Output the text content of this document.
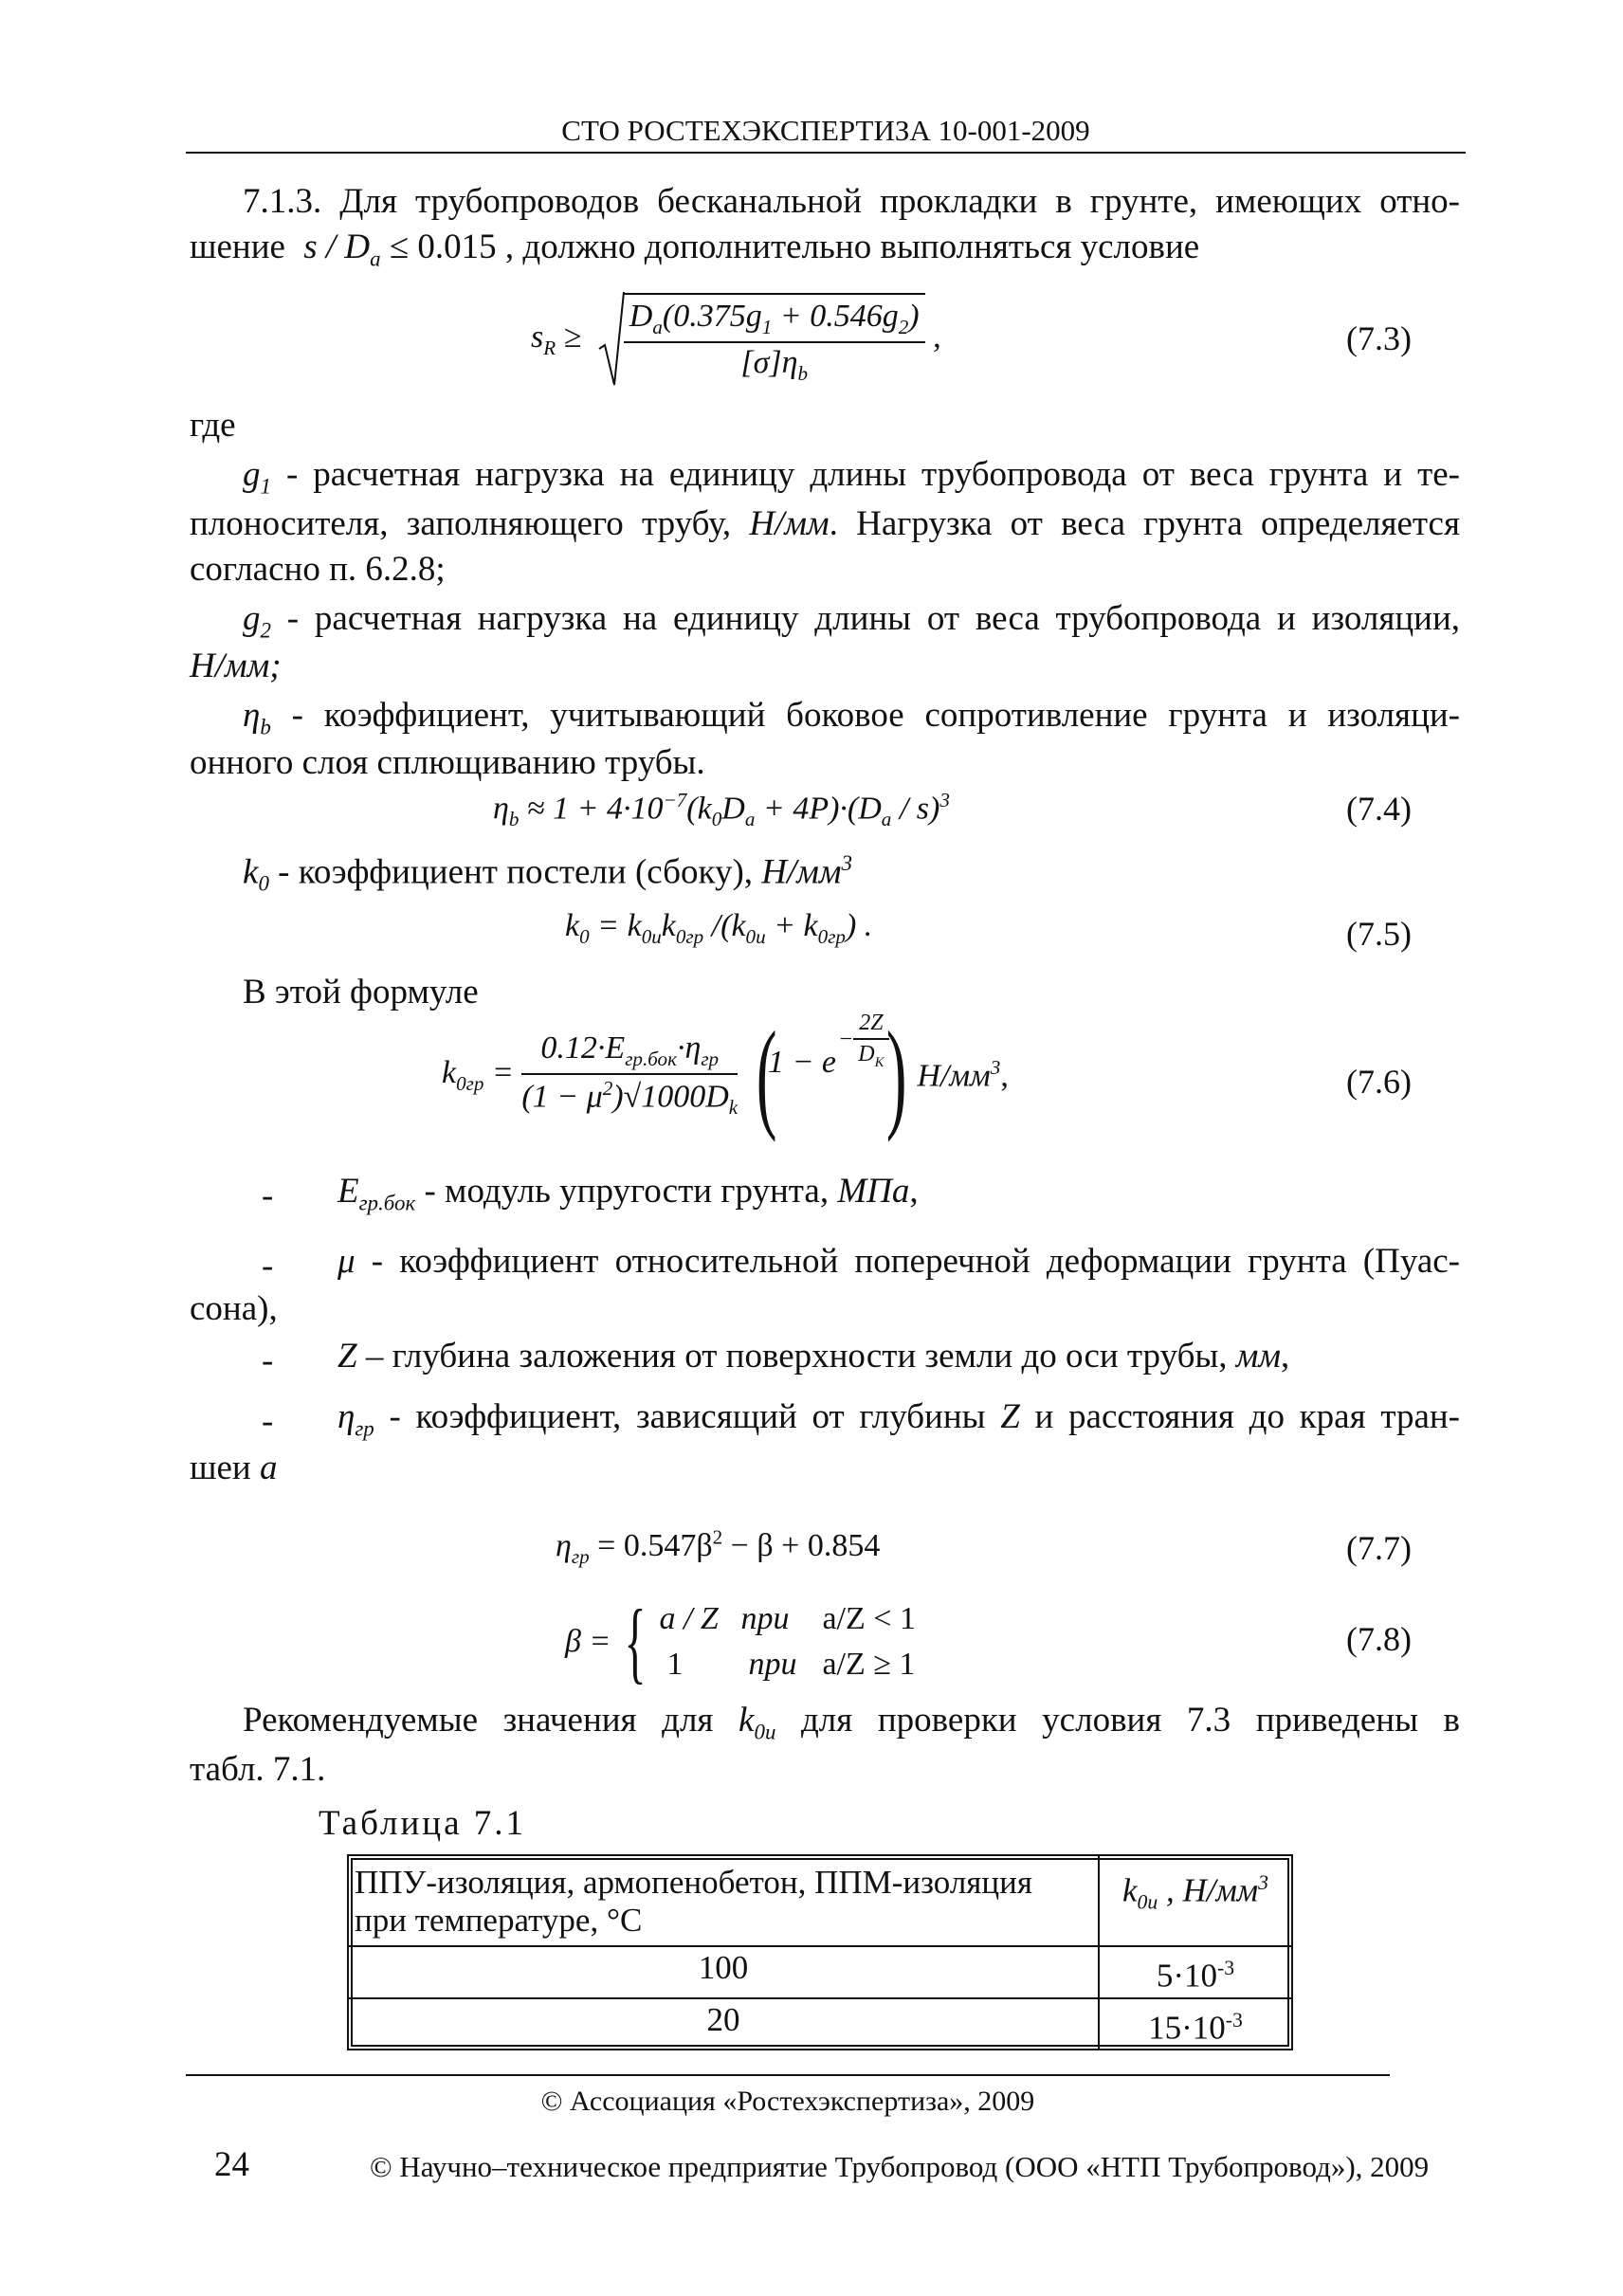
СТО РОСТЕХЭКСПЕРТИЗА 10-001-2009
7.1.3. Для трубопроводов бесканальной прокладки в грунте, имеющих отно-
шение $s / D_a \le 0.015$ , должно дополнительно выполняться условие
$s_R \ge \frac{D_a(0.375g_1 + 0.546g_2)}{[\sigma]\eta_b}$ ,	(7.3)
где
$g_1$ - расчетная нагрузка на единицу длины трубопровода от веса грунта и те-
плоносителя, заполняющего трубу, Н/мм. Нагрузка от веса грунта определяется
согласно п. 6.2.8;
$g_2$ - расчетная нагрузка на единицу длины от веса трубопровода и изоляции,
Н/мм;
$\eta_b$ - коэффициент, учитывающий боковое сопротивление грунта и изоляци-
онного слоя сплющиванию трубы.
$\eta_b \approx 1 + 4\cdot 10^{-7}(k_0D_a + 4P)\cdot(D_a / s)^3$	(7.4)
$k_0$ - коэффициент постели (сбоку), $Н/мм^3$
$k_0 = k_{0и}k_{0гр}$ $/(k_{0и} + k_{0гр})$ .	(7.5)
В этой формуле
$k_{0гр} = \frac{0.12\cdot E_{гр.бок}\cdot\eta_{гр}}{(1 - \mu^2)√1000D_k} (1 - e- \frac{2Z}{D_К}$
) $Н/мм^3$,	(7.6)
- $E_{гр.бок}$ - модуль упругости грунта, МПа,
- μ - коэффициент относительной поперечной деформации грунта (Пуас-
сона),
- Z – глубина заложения от поверхности земли до оси трубы, мм,
- $\eta_{гр}$ - коэффициент, зависящий от глубины Z и расстояния до края тран-
шеи a
$\eta_{гр} = 0.547\beta^2 - \beta + 0.854$	(7.7)
β = { a / Z при a/Z < 1
1 при a/Z ≥ 1
(7.8)
Рекомендуемые значения для $k_{0и}$ для проверки условия 7.3 приведены в
табл. 7.1.
Таблица 7.1
ППУ-изоляция, армопенобетон, ППМ-изоляция при температуре, °С	$k_{0и}$ , $Н/мм^3$
100	$5\cdot 10^{-3}$
20	$15\cdot 10^{-3}$
© Ассоциация «Ростехэкспертиза», 2009
24	© Научно–техническое предприятие Трубопровод (ООО «НТП Трубопровод»), 2009
